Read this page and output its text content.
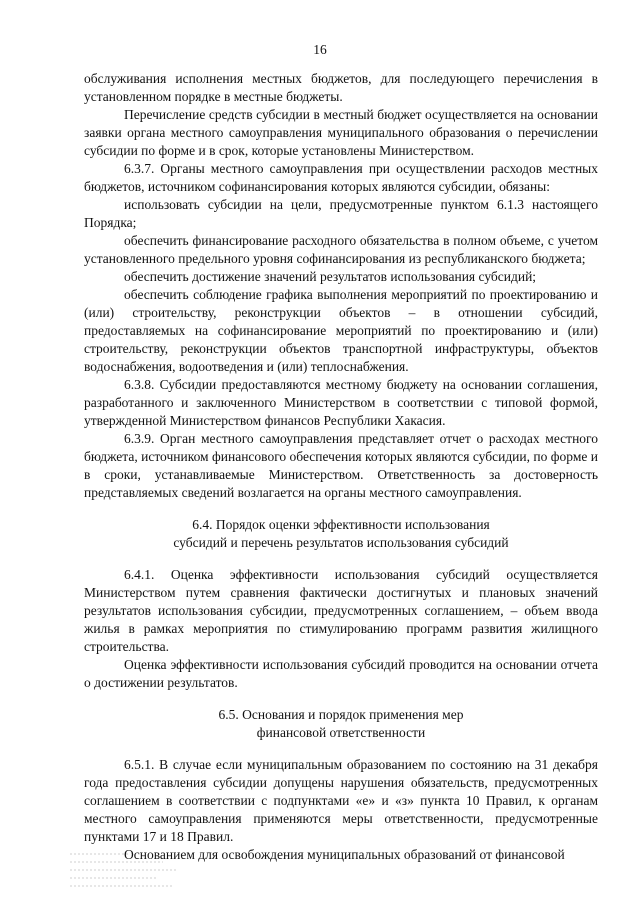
16

обслуживания исполнения местных бюджетов, для последующего перечисления в установленном порядке в местные бюджеты.

Перечисление средств субсидии в местный бюджет осуществляется на основании заявки органа местного самоуправления муниципального образования о перечислении субсидии по форме и в срок, которые установлены Министерством.

6.3.7. Органы местного самоуправления при осуществлении расходов местных бюджетов, источником софинансирования которых являются субсидии, обязаны:

использовать субсидии на цели, предусмотренные пунктом 6.1.3 настоящего Порядка;

обеспечить финансирование расходного обязательства в полном объеме, с учетом установленного предельного уровня софинансирования из республиканского бюджета;

обеспечить достижение значений результатов использования субсидий;

обеспечить соблюдение графика выполнения мероприятий по проектированию и (или) строительству, реконструкции объектов – в отношении субсидий, предоставляемых на софинансирование мероприятий по проектированию и (или) строительству, реконструкции объектов транспортной инфраструктуры, объектов водоснабжения, водоотведения и (или) теплоснабжения.

6.3.8. Субсидии предоставляются местному бюджету на основании соглашения, разработанного и заключенного Министерством в соответствии с типовой формой, утвержденной Министерством финансов Республики Хакасия.

6.3.9. Орган местного самоуправления представляет отчет о расходах местного бюджета, источником финансового обеспечения которых являются субсидии, по форме и в сроки, устанавливаемые Министерством. Ответственность за достоверность представляемых сведений возлагается на органы местного самоуправления.

6.4. Порядок оценки эффективности использования

субсидий и перечень результатов использования субсидий

6.4.1. Оценка эффективности использования субсидий осуществляется Министерством путем сравнения фактически достигнутых и плановых значений результатов использования субсидии, предусмотренных соглашением, – объем ввода жилья в рамках мероприятия по стимулированию программ развития жилищного строительства.

Оценка эффективности использования субсидий проводится на основании отчета о достижении результатов.

6.5. Основания и порядок применения мер

финансовой ответственности

6.5.1. В случае если муниципальным образованием по состоянию на 31 декабря года предоставления субсидии допущены нарушения обязательств, предусмотренных соглашением в соответствии с подпунктами «е» и «з» пункта 10 Правил, к органам местного самоуправления применяются меры ответственности, предусмотренные пунктами 17 и 18 Правил.

Основанием для освобождения муниципальных образований от финансовой
